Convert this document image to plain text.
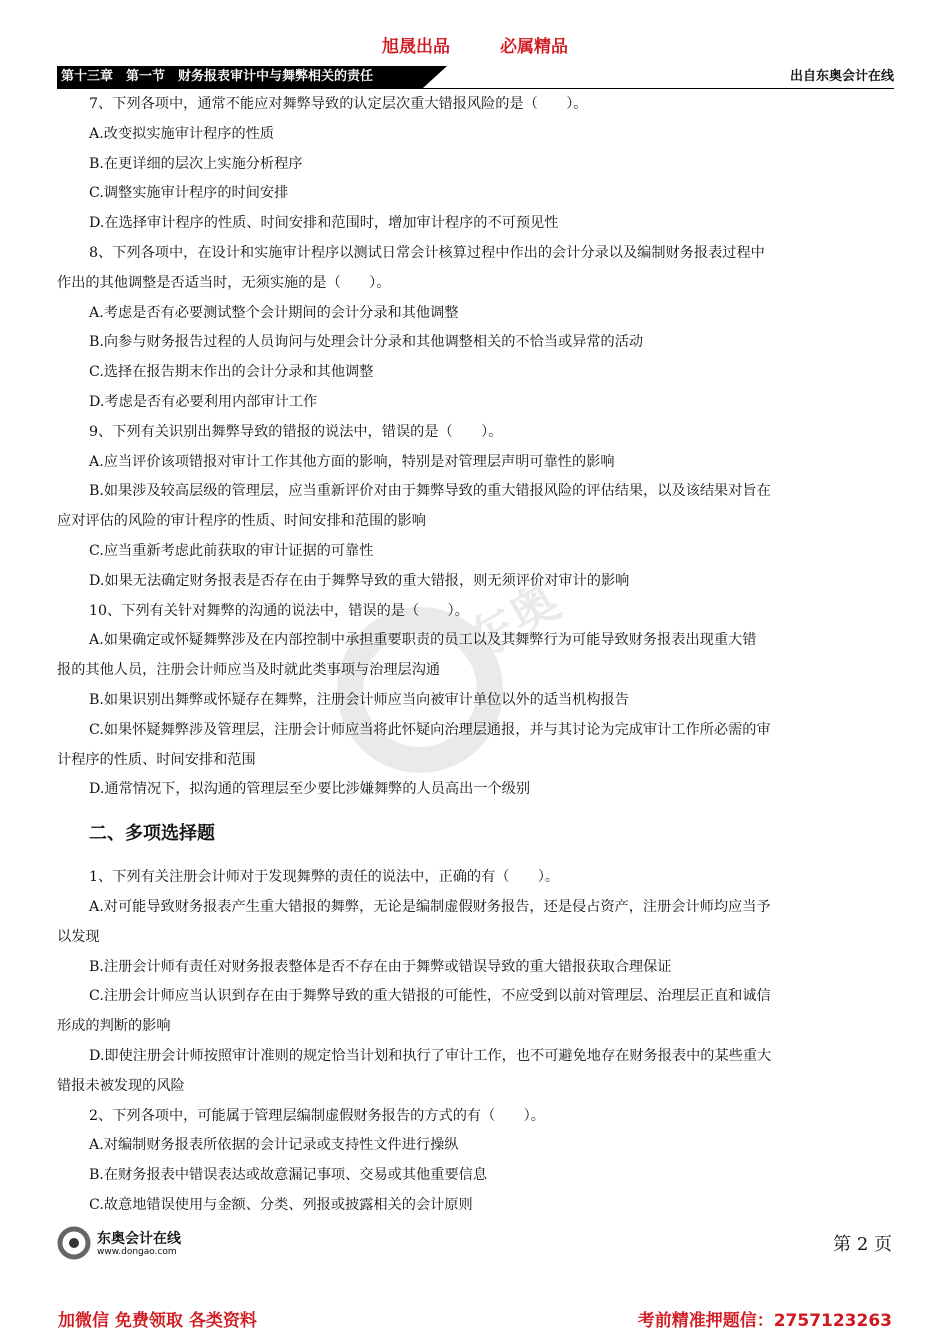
旭晟出品	必属精品
第十三章　第一节　财务报表审计中与舞弊相关的责任	出自东奥会计在线
东奥
7、下列各项中，通常不能应对舞弊导致的认定层次重大错报风险的是（　　）。
A.改变拟实施审计程序的性质
B.在更详细的层次上实施分析程序
C.调整实施审计程序的时间安排
D.在选择审计程序的性质、时间安排和范围时，增加审计程序的不可预见性
8、下列各项中，在设计和实施审计程序以测试日常会计核算过程中作出的会计分录以及编制财务报表过程中
作出的其他调整是否适当时，无须实施的是（　　）。
A.考虑是否有必要测试整个会计期间的会计分录和其他调整
B.向参与财务报告过程的人员询问与处理会计分录和其他调整相关的不恰当或异常的活动
C.选择在报告期末作出的会计分录和其他调整
D.考虑是否有必要利用内部审计工作
9、下列有关识别出舞弊导致的错报的说法中，错误的是（　　）。
A.应当评价该项错报对审计工作其他方面的影响，特别是对管理层声明可靠性的影响
B.如果涉及较高层级的管理层，应当重新评价对由于舞弊导致的重大错报风险的评估结果，以及该结果对旨在
应对评估的风险的审计程序的性质、时间安排和范围的影响
C.应当重新考虑此前获取的审计证据的可靠性
D.如果无法确定财务报表是否存在由于舞弊导致的重大错报，则无须评价对审计的影响
10、下列有关针对舞弊的沟通的说法中，错误的是（　　）。
A.如果确定或怀疑舞弊涉及在内部控制中承担重要职责的员工以及其舞弊行为可能导致财务报表出现重大错
报的其他人员，注册会计师应当及时就此类事项与治理层沟通
B.如果识别出舞弊或怀疑存在舞弊，注册会计师应当向被审计单位以外的适当机构报告
C.如果怀疑舞弊涉及管理层，注册会计师应当将此怀疑向治理层通报，并与其讨论为完成审计工作所必需的审
计程序的性质、时间安排和范围
D.通常情况下，拟沟通的管理层至少要比涉嫌舞弊的人员高出一个级别
二、多项选择题
1、下列有关注册会计师对于发现舞弊的责任的说法中，正确的有（　　）。
A.对可能导致财务报表产生重大错报的舞弊，无论是编制虚假财务报告，还是侵占资产，注册会计师均应当予
以发现
B.注册会计师有责任对财务报表整体是否不存在由于舞弊或错误导致的重大错报获取合理保证
C.注册会计师应当认识到存在由于舞弊导致的重大错报的可能性，不应受到以前对管理层、治理层正直和诚信
形成的判断的影响
D.即使注册会计师按照审计准则的规定恰当计划和执行了审计工作，也不可避免地存在财务报表中的某些重大
错报未被发现的风险
2、下列各项中，可能属于管理层编制虚假财务报告的方式的有（　　）。
A.对编制财务报表所依据的会计记录或支持性文件进行操纵
B.在财务报表中错误表达或故意漏记事项、交易或其他重要信息
C.故意地错误使用与金额、分类、列报或披露相关的会计原则
东奥会计在线
www.dongao.com	第 2 页
加微信 免费领取 各类资料	考前精准押题信：2757123263
